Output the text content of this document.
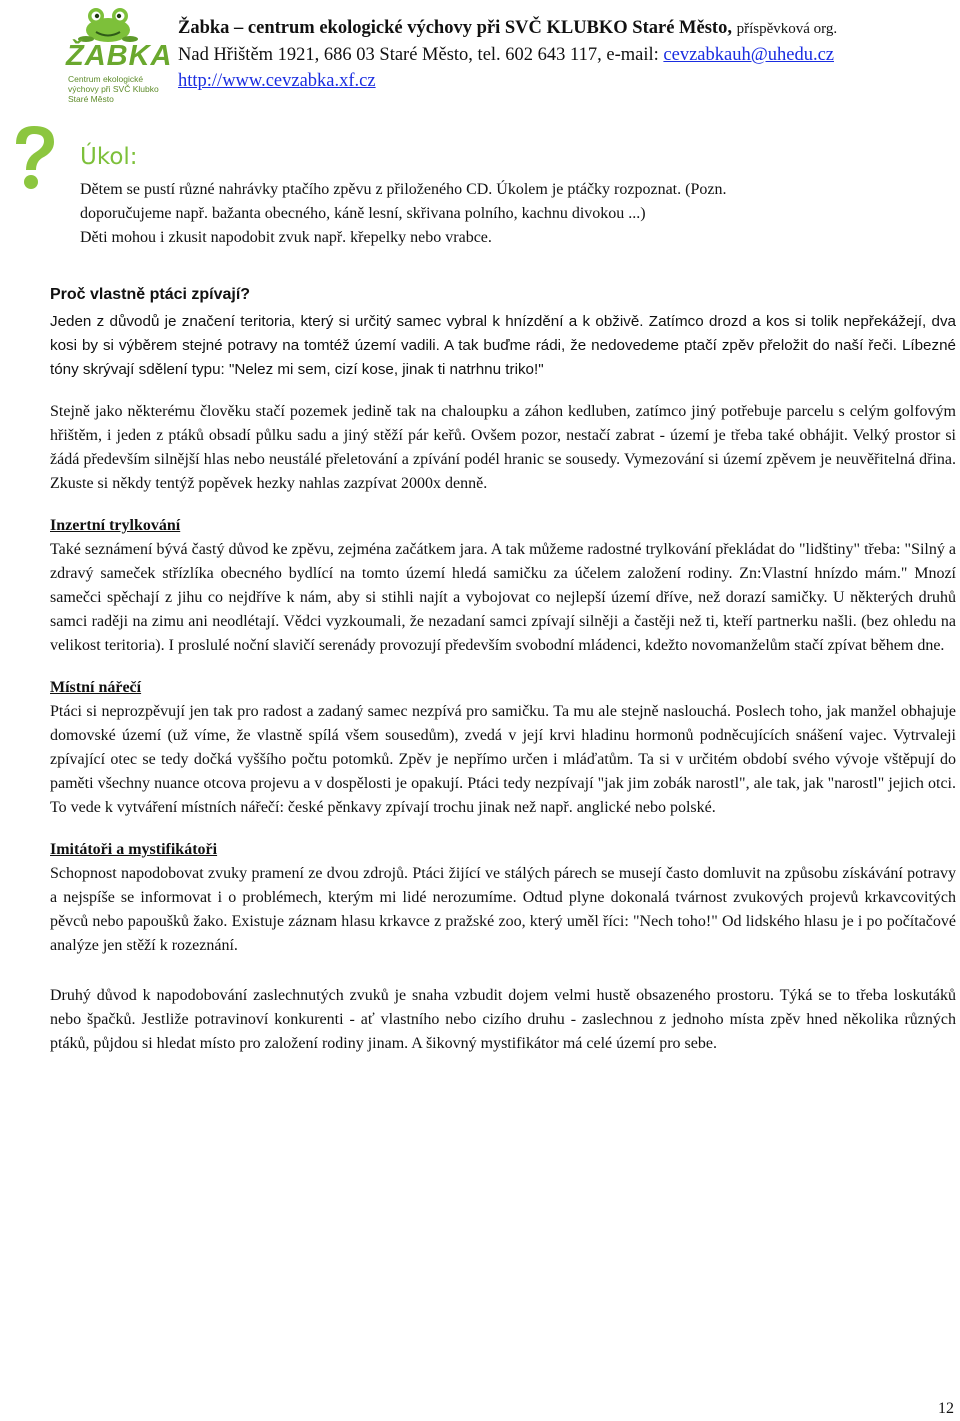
ŽABKA
Centrum ekologické výchovy při SVČ Klubko Staré Město
Žabka – centrum ekologické výchovy při SVČ KLUBKO Staré Město, příspěvková org.
Nad Hřištěm 1921, 686 03 Staré Město, tel. 602 643 117, e-mail: cevzabkauh@uhedu.cz
http://www.cevzabka.xf.cz
Úkol:
Dětem se pustí různé nahrávky ptačího zpěvu z přiloženého CD. Úkolem je ptáčky rozpoznat. (Pozn.
doporučujeme např. bažanta obecného, káně lesní, skřivana polního, kachnu divokou ...)
Děti mohou i zkusit napodobit zvuk např. křepelky nebo vrabce.
Proč vlastně ptáci zpívají?

Jeden z důvodů je značení teritoria, který si určitý samec vybral k hnízdění a k obživě. Zatímco drozd a kos si tolik nepřekážejí, dva kosi by si výběrem stejné potravy na tomtéž území vadili. A tak buďme rádi, že nedovedeme ptačí zpěv přeložit do naší řeči. Líbezné tóny skrývají sdělení typu: "Nelez mi sem, cizí kose, jinak ti natrhnu triko!"

Stejně jako některému člověku stačí pozemek jedině tak na chaloupku a záhon kedluben, zatímco jiný potřebuje parcelu s celým golfovým hřištěm, i jeden z ptáků obsadí půlku sadu a jiný stěží pár keřů. Ovšem pozor, nestačí zabrat - území je třeba také obhájit. Velký prostor si žádá především silnější hlas nebo neustálé přeletování a zpívání podél hranic se sousedy. Vymezování si území zpěvem je neuvěřitelná dřina. Zkuste si někdy tentýž popěvek hezky nahlas zazpívat 2000x denně.

Inzertní trylkování

Také seznámení bývá častý důvod ke zpěvu, zejména začátkem jara. A tak můžeme radostné trylkování překládat do "lidštiny" třeba: "Silný a zdravý sameček střízlíka obecného bydlící na tomto území hledá samičku za účelem založení rodiny. Zn:Vlastní hnízdo mám." Mnozí samečci spěchají z jihu co nejdříve k nám, aby si stihli najít a vybojovat co nejlepší území dříve, než dorazí samičky. U některých druhů samci raději na zimu ani neodlétají. Vědci vyzkoumali, že nezadaní samci zpívají silněji a častěji než ti, kteří partnerku našli. (bez ohledu na velikost teritoria). I proslulé noční slavičí serenády provozují především svobodní mládenci, kdežto novomanželům stačí zpívat během dne.

Místní nářečí

Ptáci si neprozpěvují jen tak pro radost a zadaný samec nezpívá pro samičku. Ta mu ale stejně naslouchá. Poslech toho, jak manžel obhajuje domovské území (už víme, že vlastně spílá všem sousedům), zvedá v její krvi hladinu hormonů podněcujících snášení vajec. Vytrvaleji zpívající otec se tedy dočká vyššího počtu potomků. Zpěv je nepřímo určen i mláďatům. Ta si v určitém období svého vývoje vštěpují do paměti všechny nuance otcova projevu a v dospělosti je opakují. Ptáci tedy nezpívají "jak jim zobák narostl", ale tak, jak "narostl" jejich otci. To vede k vytváření místních nářečí: české pěnkavy zpívají trochu jinak než např. anglické nebo polské.

Imitátoři a mystifikátoři

Schopnost napodobovat zvuky pramení ze dvou zdrojů. Ptáci žijící ve stálých párech se musejí často domluvit na způsobu získávání potravy a nejspíše se informovat i o problémech, kterým mi lidé nerozumíme. Odtud plyne dokonalá tvárnost zvukových projevů krkavcovitých pěvců nebo papoušků žako. Existuje záznam hlasu krkavce z pražské zoo, který uměl říci: "Nech toho!" Od lidského hlasu je i po počítačové analýze jen stěží k rozeznání.

Druhý důvod k napodobování zaslechnutých zvuků je snaha vzbudit dojem velmi hustě obsazeného prostoru. Týká se to třeba loskutáků nebo špačků. Jestliže potravinoví konkurenti - ať vlastního nebo cizího druhu - zaslechnou z jednoho místa zpěv hned několika různých ptáků, půjdou si hledat místo pro založení rodiny jinam. A šikovný mystifikátor má celé území pro sebe.

12
